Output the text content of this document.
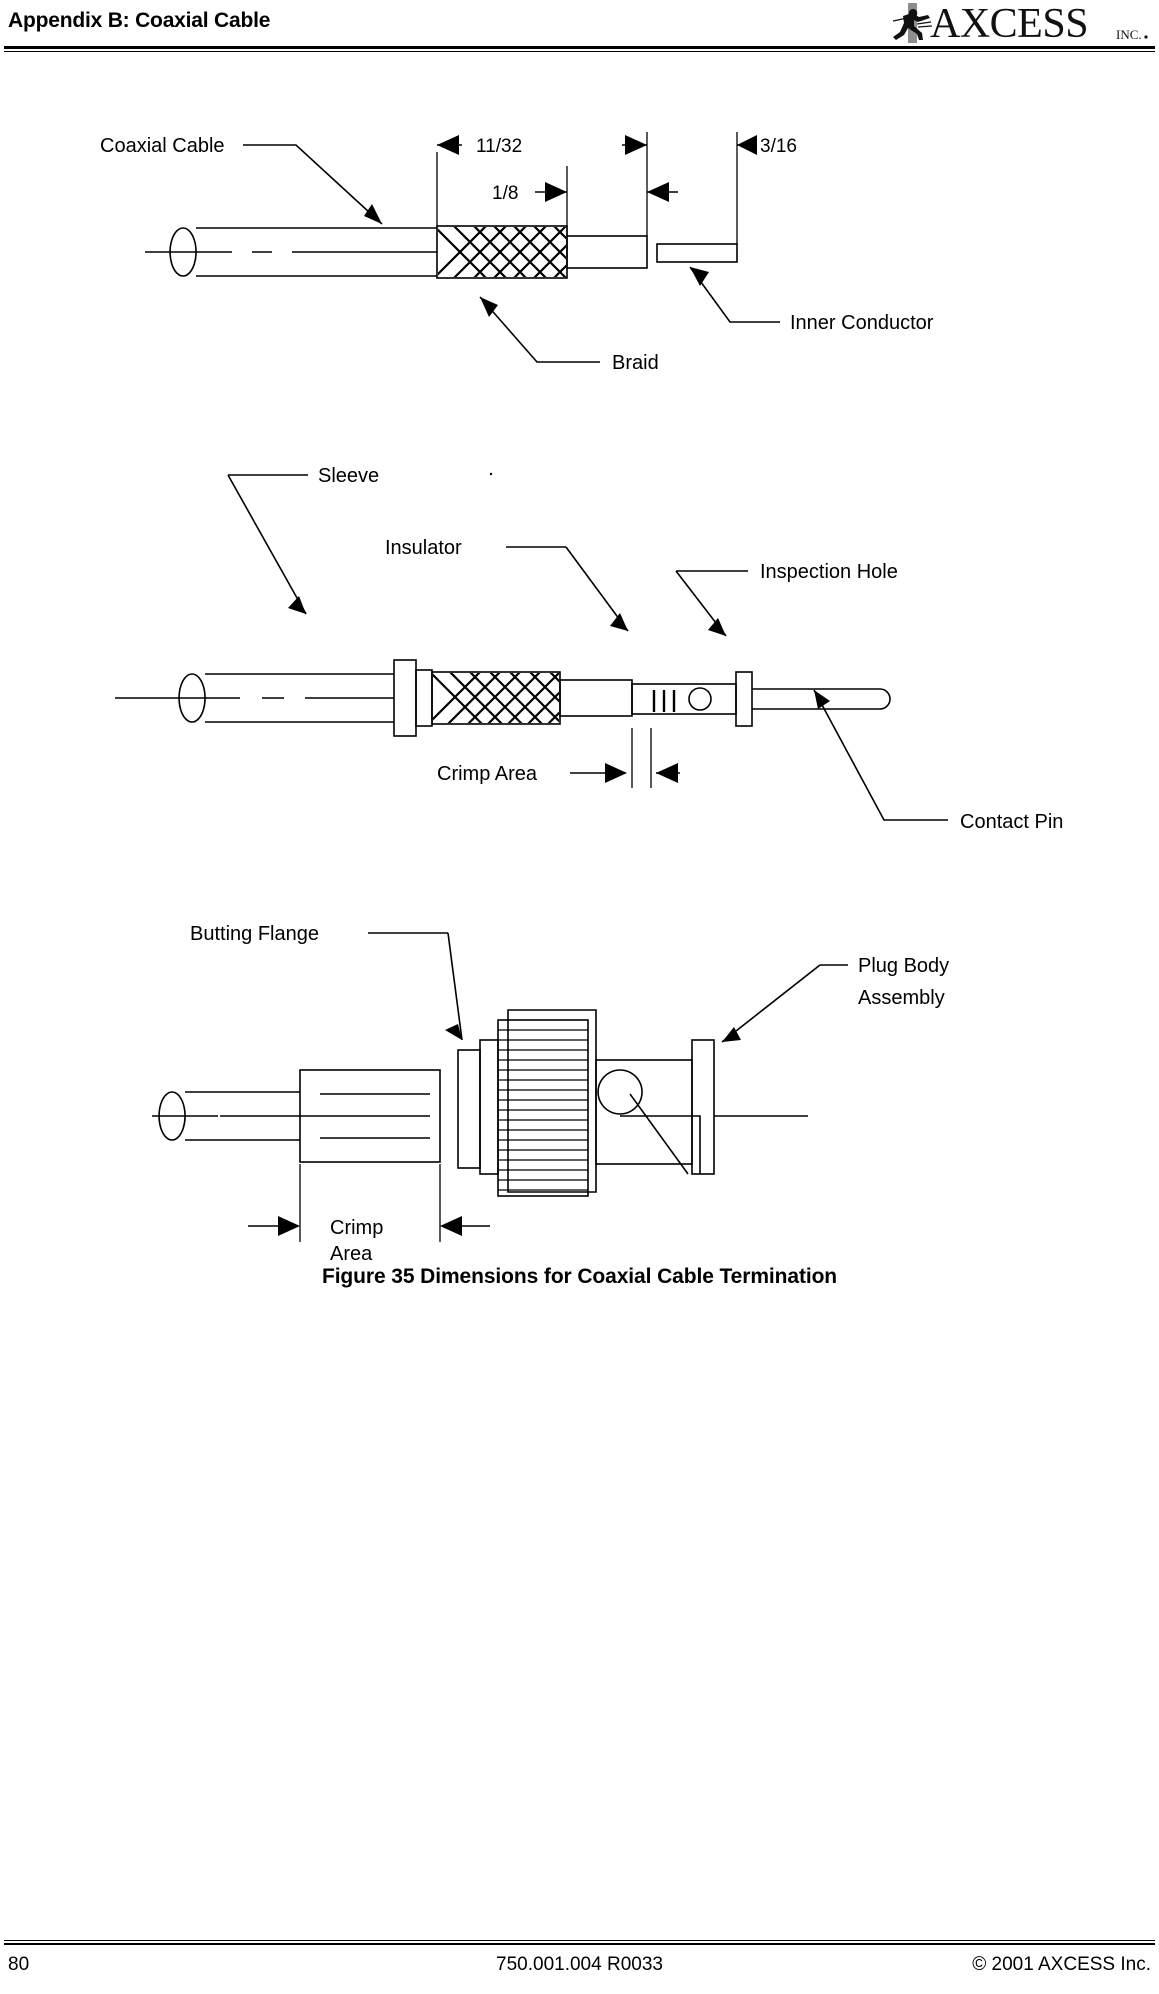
Appendix B: Coaxial Cable	AXCESS INC.
Coaxial Cable	11/32
1/8
3/16
Braid
Inner Conductor
Sleeve
Insulator
Inspection Hole
Crimp Area
Contact Pin
Butting Flange
Plug Body
Assembly
Crimp
Area
Figure 35 Dimensions for Coaxial Cable Termination
80	750.001.004 R0033	© 2001 AXCESS Inc.
